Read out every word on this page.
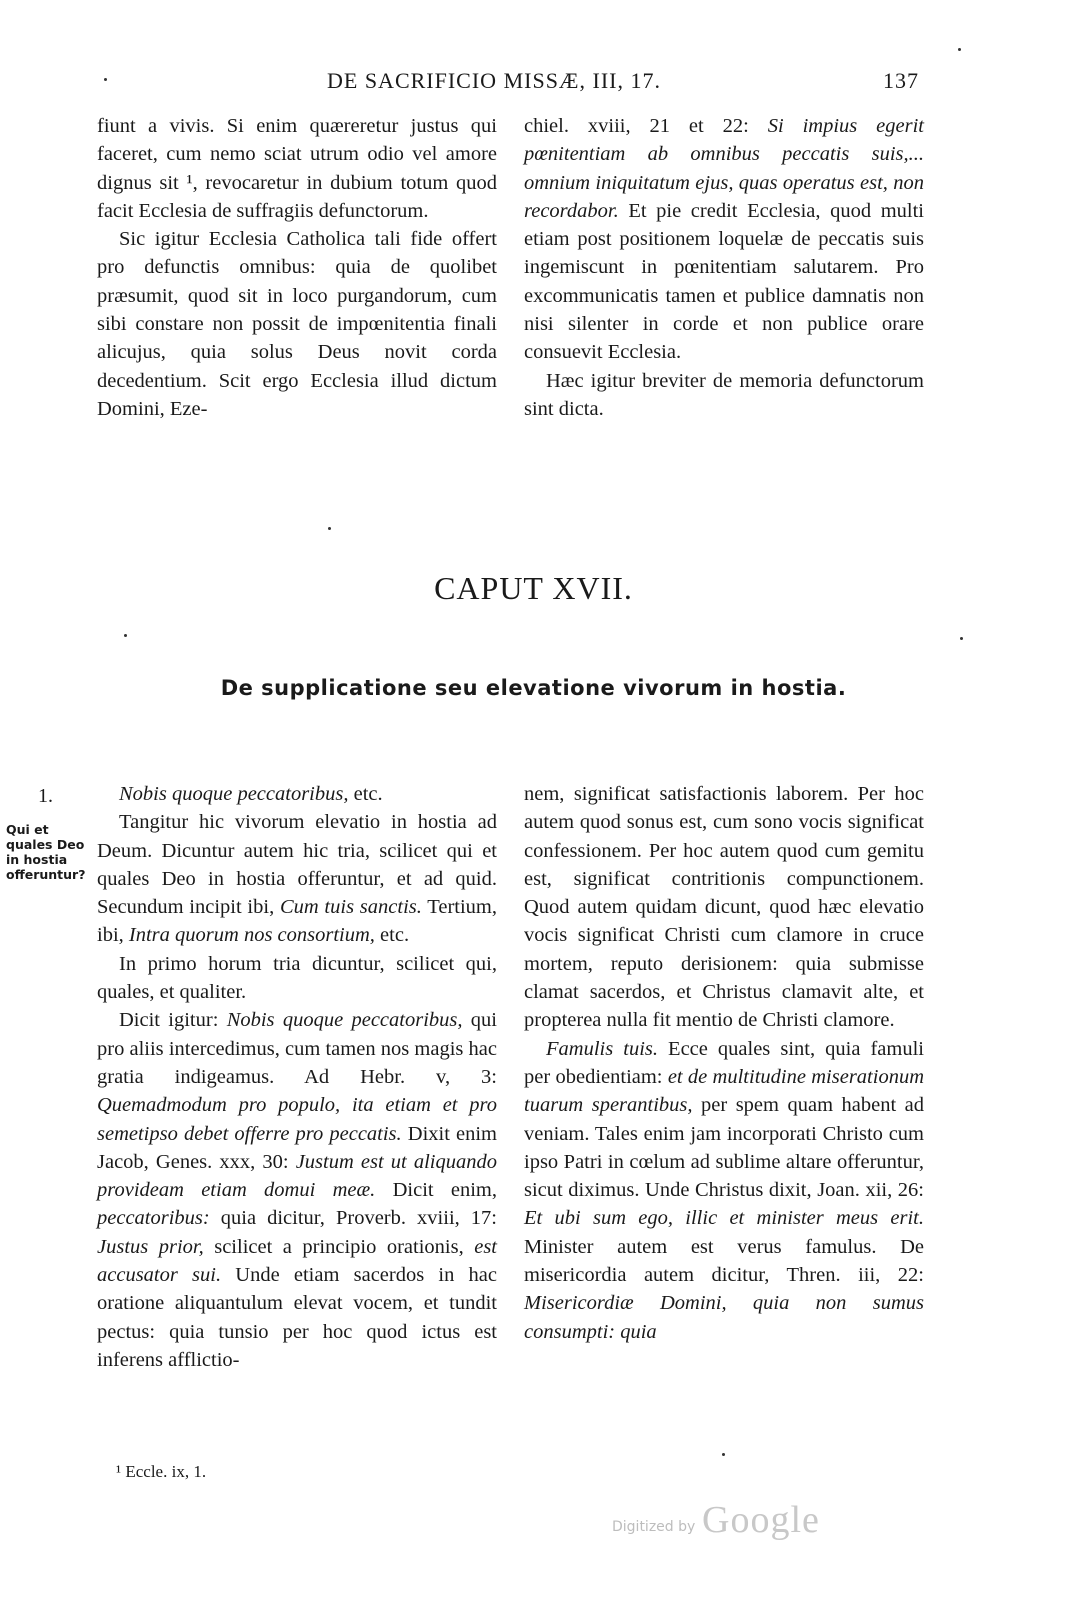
DE SACRIFICIO MISSÆ, III, 17.	137

fiunt a vivis. Si enim quæreretur justus qui faceret, cum nemo sciat utrum odio vel amore dignus sit ¹, revocaretur in dubium totum quod facit Ecclesia de suffragiis defunctorum.

Sic igitur Ecclesia Catholica tali fide offert pro defunctis omnibus: quia de quolibet præsumit, quod sit in loco purgandorum, cum sibi constare non possit de impœnitentia finali alicujus, quia solus Deus novit corda decedentium. Scit ergo Ecclesia illud dictum Domini, Eze-

chiel. xviii, 21 et 22: Si impius egerit pœnitentiam ab omnibus peccatis suis,... omnium iniquitatum ejus, quas operatus est, non recordabor. Et pie credit Ecclesia, quod multi etiam post positionem loquelæ de peccatis suis ingemiscunt in pœnitentiam salutarem. Pro excommunicatis tamen et publice damnatis non nisi silenter in corde et non publice orare consuevit Ecclesia.

Hæc igitur breviter de memoria defunctorum sint dicta.

CAPUT XVII.
De supplicatione seu elevatione vivorum in hostia.
1.
Qui et quales Deo in hostia offeruntur?

Nobis quoque peccatoribus, etc.

Tangitur hic vivorum elevatio in hostia ad Deum. Dicuntur autem hic tria, scilicet qui et quales Deo in hostia offeruntur, et ad quid. Secundum incipit ibi, Cum tuis sanctis. Tertium, ibi, Intra quorum nos consortium, etc.

In primo horum tria dicuntur, scilicet qui, quales, et qualiter.

Dicit igitur: Nobis quoque peccatoribus, qui pro aliis intercedimus, cum tamen nos magis hac gratia indigeamus. Ad Hebr. v, 3: Quemadmodum pro populo, ita etiam et pro semetipso debet offerre pro peccatis. Dixit enim Jacob, Genes. xxx, 30: Justum est ut aliquando provideam etiam domui meæ. Dicit enim, peccatoribus: quia dicitur, Proverb. xviii, 17: Justus prior, scilicet a principio orationis, est accusator sui. Unde etiam sacerdos in hac oratione aliquantulum elevat vocem, et tundit pectus: quia tunsio per hoc quod ictus est inferens afflictio-

nem, significat satisfactionis laborem. Per hoc autem quod sonus est, cum sono vocis significat confessionem. Per hoc autem quod cum gemitu est, significat contritionis compunctionem. Quod autem quidam dicunt, quod hæc elevatio vocis significat Christi cum clamore in cruce mortem, reputo derisionem: quia submisse clamat sacerdos, et Christus clamavit alte, et propterea nulla fit mentio de Christi clamore.

Famulis tuis. Ecce quales sint, quia famuli per obedientiam: et de multitudine miserationum tuarum sperantibus, per spem quam habent ad veniam. Tales enim jam incorporati Christo cum ipso Patri in cœlum ad sublime altare offeruntur, sicut diximus. Unde Christus dixit, Joan. xii, 26: Et ubi sum ego, illic et minister meus erit. Minister autem est verus famulus. De misericordia autem dicitur, Thren. iii, 22: Misericordiæ Domini, quia non sumus consumpti: quia

¹ Eccle. ix, 1.
Digitized by Google
